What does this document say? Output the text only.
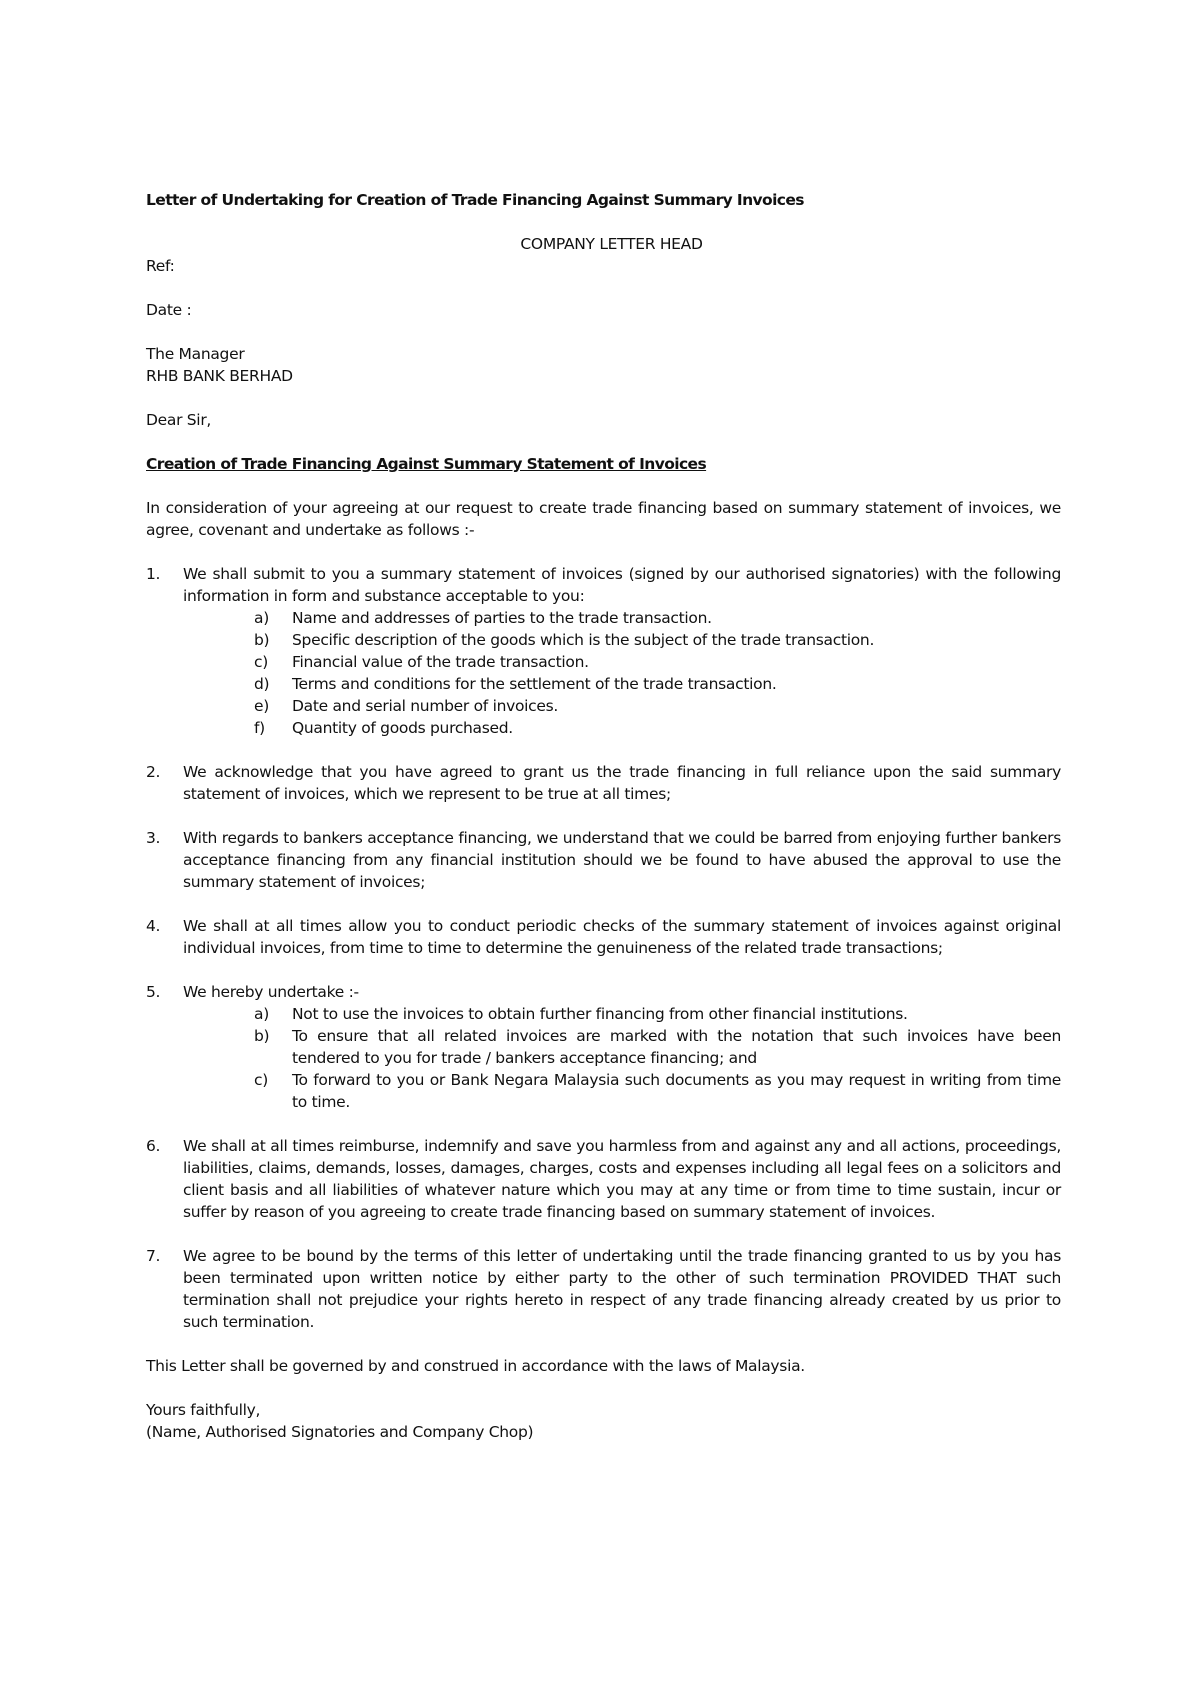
Letter of Undertaking for Creation of Trade Financing Against Summary Invoices

COMPANY LETTER HEAD

Ref:

Date :

The Manager

RHB BANK BERHAD

Dear Sir,

Creation of Trade Financing Against Summary Statement of Invoices

In consideration of your agreeing at our request to create trade financing based on summary statement of invoices, we agree, covenant and undertake as follows :-

1. We shall submit to you a summary statement of invoices (signed by our authorised signatories) with the following information in form and substance acceptable to you:
a) Name and addresses of parties to the trade transaction.
b) Specific description of the goods which is the subject of the trade transaction.
c) Financial value of the trade transaction.
d) Terms and conditions for the settlement of the trade transaction.
e) Date and serial number of invoices.
f) Quantity of goods purchased.
2. We acknowledge that you have agreed to grant us the trade financing in full reliance upon the said summary statement of invoices, which we represent to be true at all times;
3. With regards to bankers acceptance financing, we understand that we could be barred from enjoying further bankers acceptance financing from any financial institution should we be found to have abused the approval to use the summary statement of invoices;
4. We shall at all times allow you to conduct periodic checks of the summary statement of invoices against original individual invoices, from time to time to determine the genuineness of the related trade transactions;
5. We hereby undertake :-
a) Not to use the invoices to obtain further financing from other financial institutions.
b) To ensure that all related invoices are marked with the notation that such invoices have been tendered to you for trade / bankers acceptance financing; and
c) To forward to you or Bank Negara Malaysia such documents as you may request in writing from time to time.
6. We shall at all times reimburse, indemnify and save you harmless from and against any and all actions, proceedings, liabilities, claims, demands, losses, damages, charges, costs and expenses including all legal fees on a solicitors and client basis and all liabilities of whatever nature which you may at any time or from time to time sustain, incur or suffer by reason of you agreeing to create trade financing based on summary statement of invoices.
7. We agree to be bound by the terms of this letter of undertaking until the trade financing granted to us by you has been terminated upon written notice by either party to the other of such termination PROVIDED THAT such termination shall not prejudice your rights hereto in respect of any trade financing already created by us prior to such termination.

This Letter shall be governed by and construed in accordance with the laws of Malaysia.

Yours faithfully,

(Name, Authorised Signatories and Company Chop)
